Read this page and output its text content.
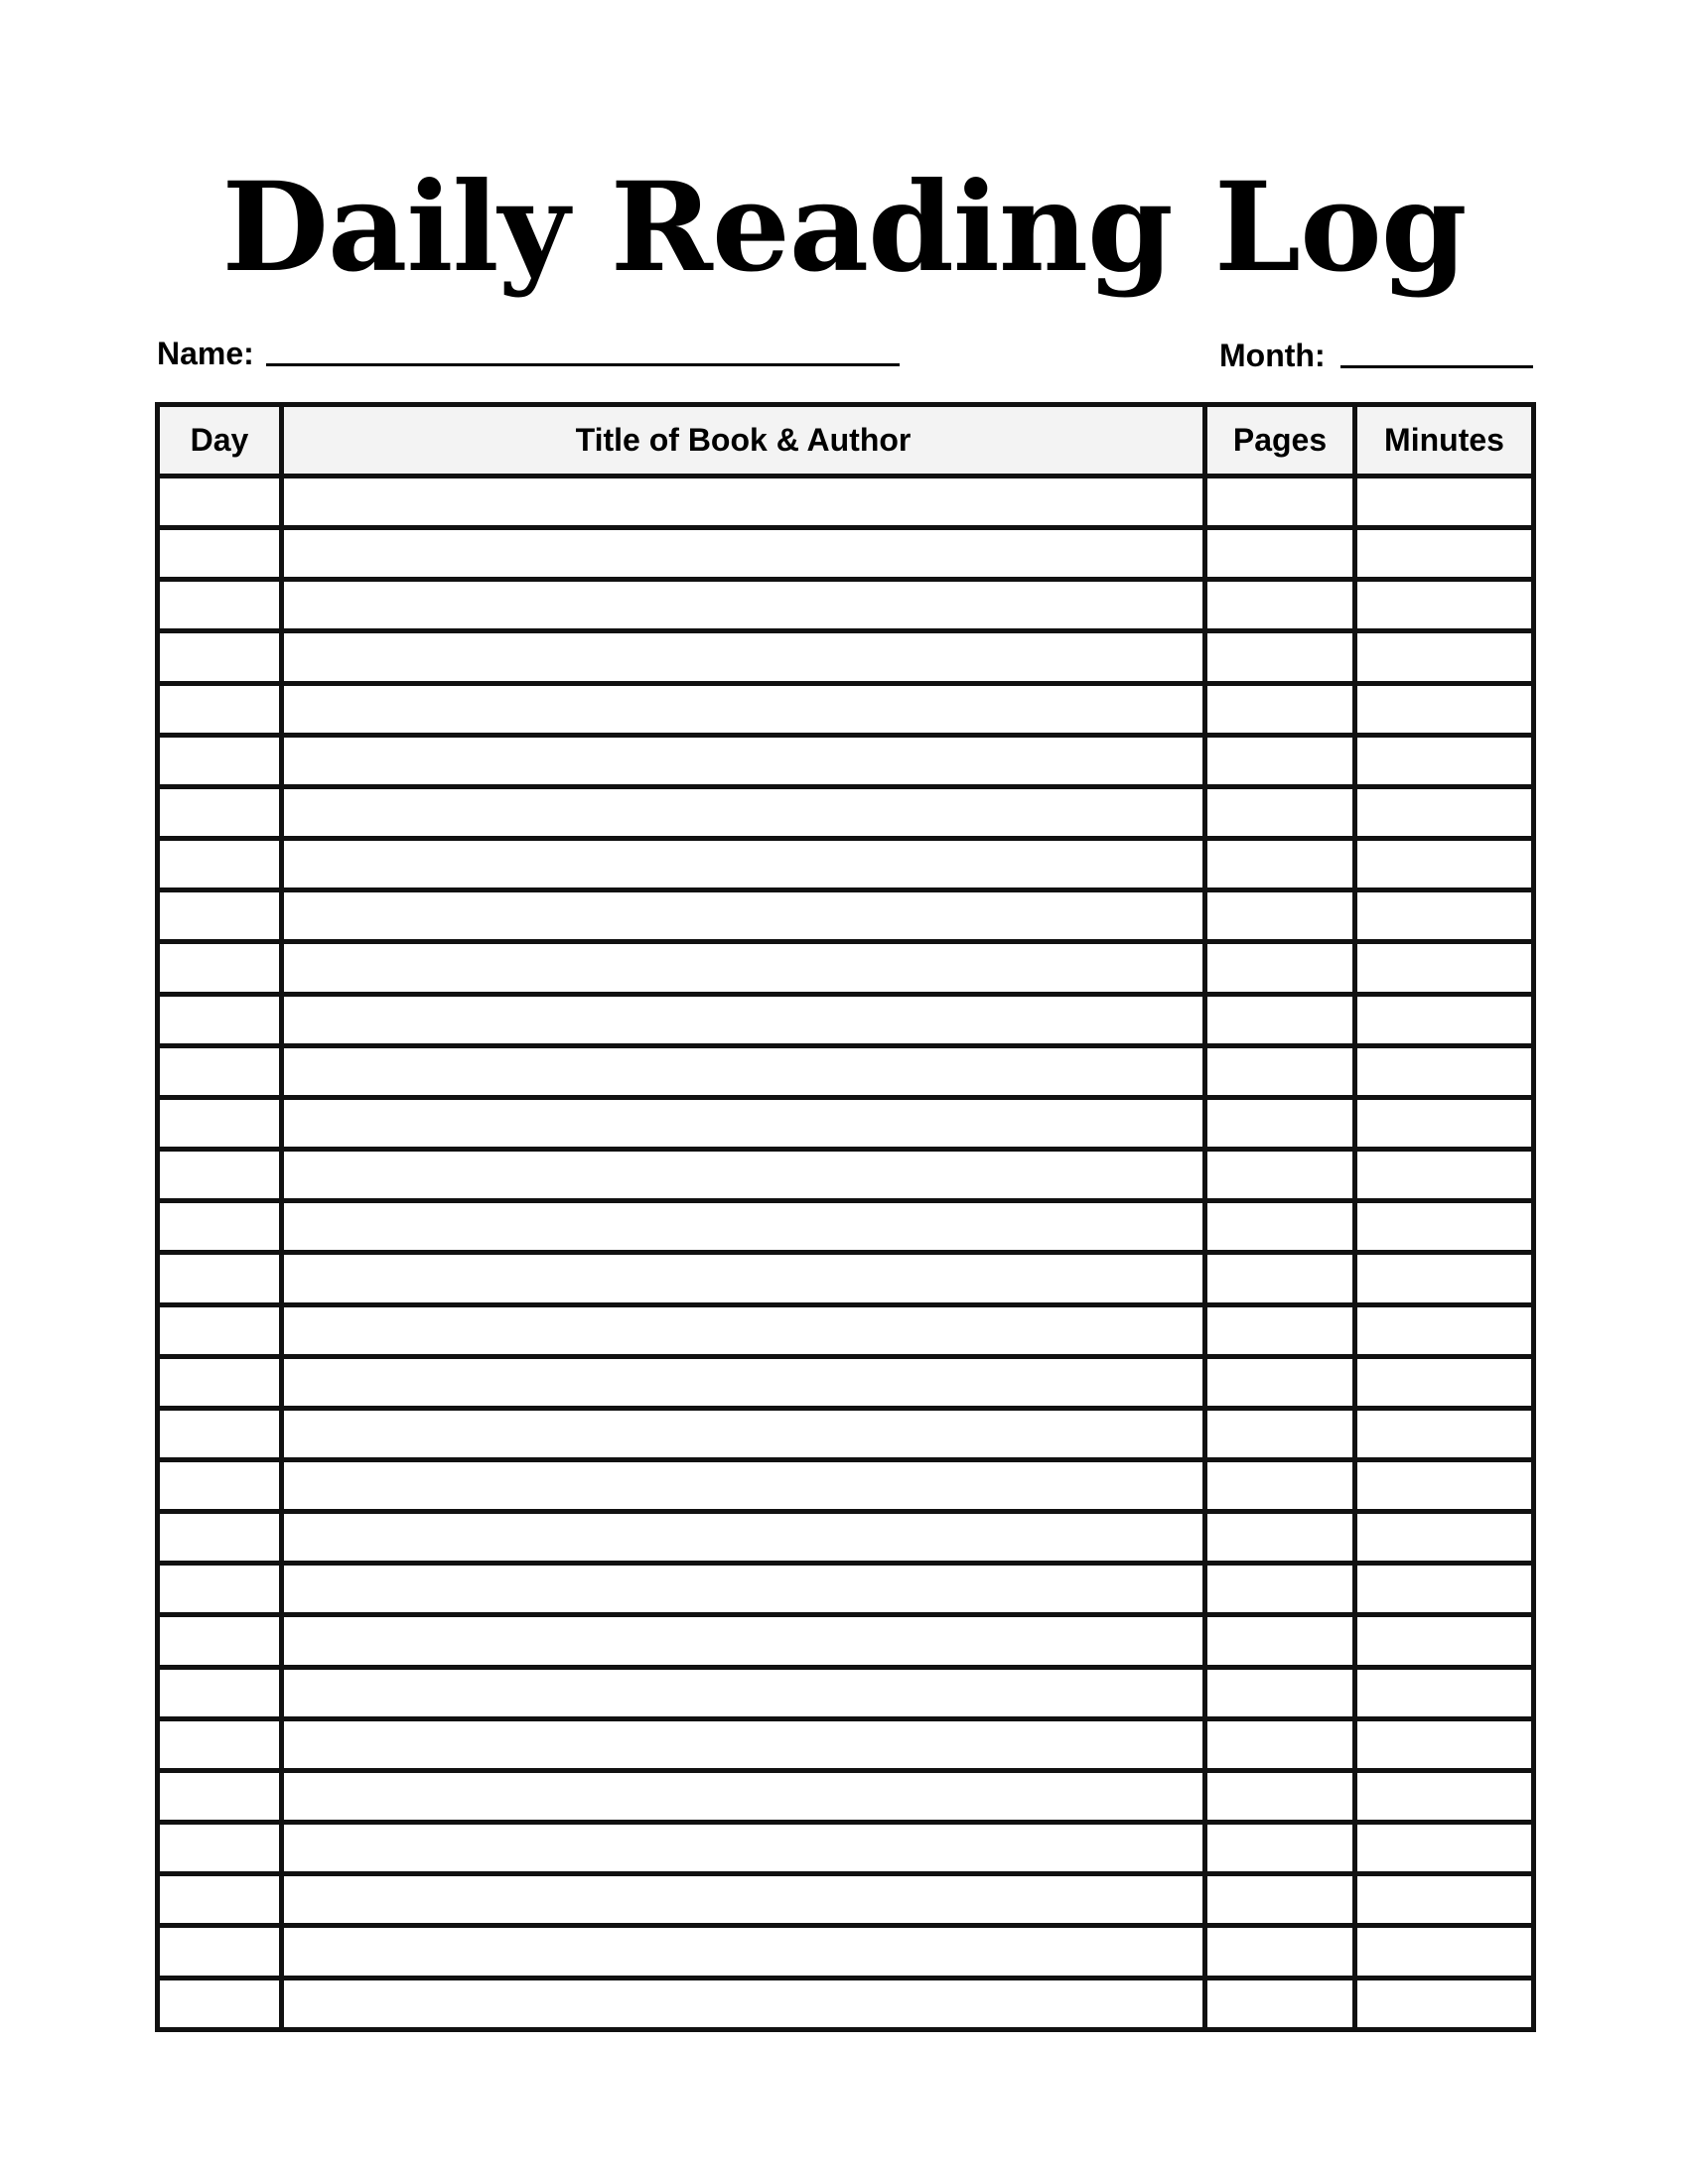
Daily Reading Log
Name:	Month:
Day	Title of Book & Author	Pages	Minutes
